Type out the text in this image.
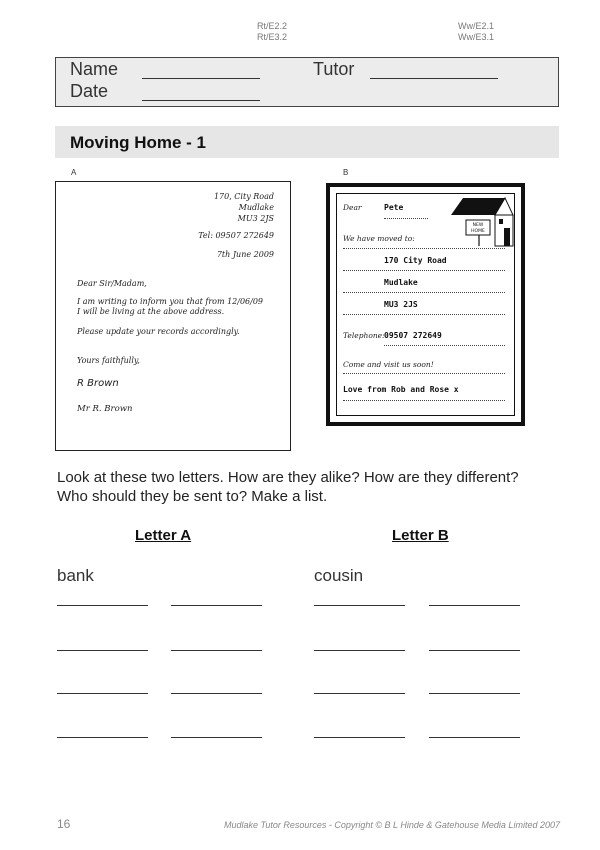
Rt/E2.2
Rt/E3.2
Ww/E2.1
Ww/E3.1
Name	Tutor
Date
Moving Home - 1
A	B
170, City Road
Mudlake
MU3 2JS
Tel: 09507 272649
7th June 2009
Dear Sir/Madam,
I am writing to inform you that from 12/06/09
I will be living at the above address.
Please update your records accordingly.
Yours faithfully,
R Brown
Mr R. Brown
Dear	Pete
NEW
HOME
We have moved to:
170 City Road
Mudlake
MU3 2JS
Telephone: 09507 272649
Come and visit us soon!
Love from Rob and Rose x
Look at these two letters. How are they alike? How are they different? Who should they be sent to? Make a list.
Letter A	Letter B
bank	cousin
16	Mudlake Tutor Resources - Copyright © B L Hinde & Gatehouse Media Limited 2007
